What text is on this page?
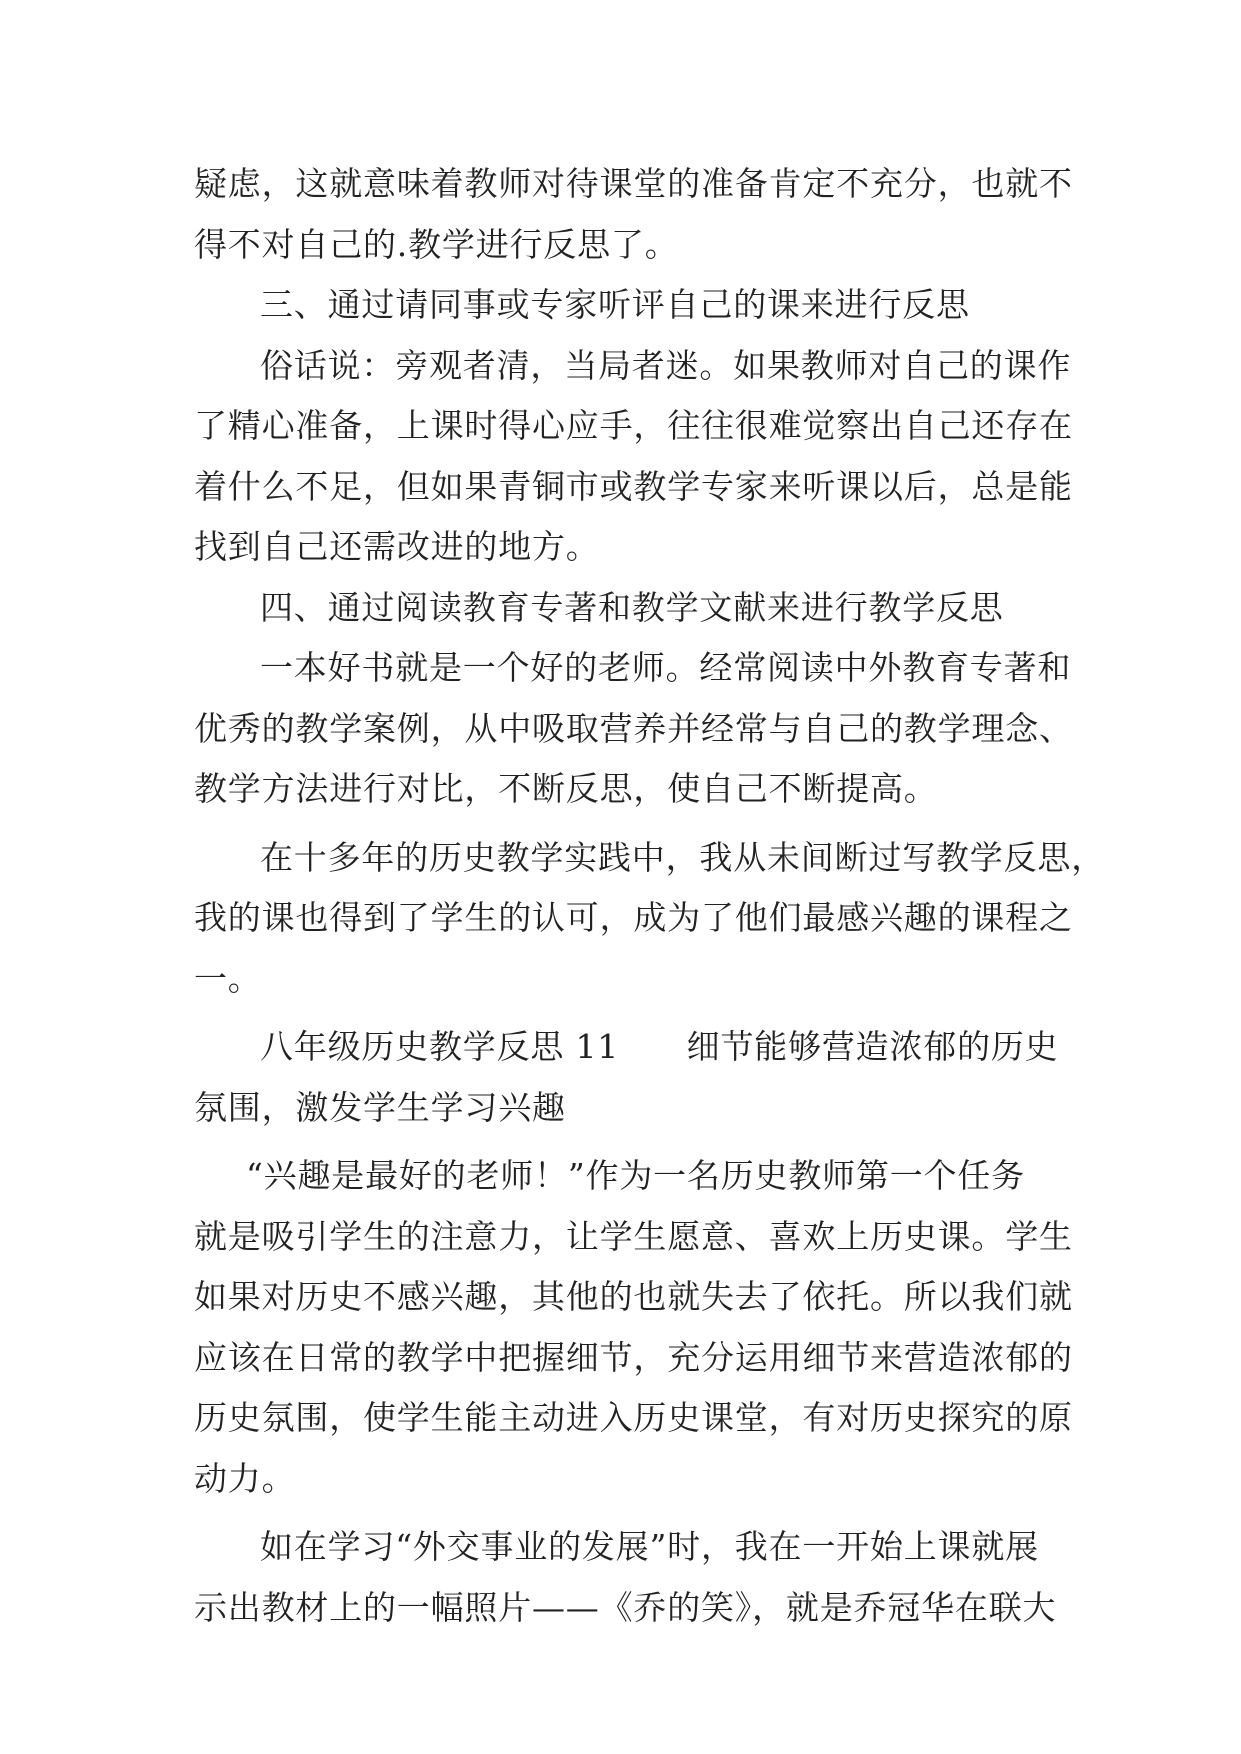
疑虑，这就意味着教师对待课堂的准备肯定不充分，也就不
得不对自己的.教学进行反思了。
三、通过请同事或专家听评自己的课来进行反思
俗话说：旁观者清，当局者迷。如果教师对自己的课作
了精心准备，上课时得心应手，往往很难觉察出自己还存在
着什么不足，但如果青铜市或教学专家来听课以后，总是能
找到自己还需改进的地方。
四、通过阅读教育专著和教学文献来进行教学反思
一本好书就是一个好的老师。经常阅读中外教育专著和
优秀的教学案例，从中吸取营养并经常与自己的教学理念、
教学方法进行对比，不断反思，使自己不断提高。
在十多年的历史教学实践中，我从未间断过写教学反思，
我的课也得到了学生的认可，成为了他们最感兴趣的课程之
一。
八年级历史教学反思 11　　细节能够营造浓郁的历史
氛围，激发学生学习兴趣
“兴趣是最好的老师！”作为一名历史教师第一个任务
就是吸引学生的注意力，让学生愿意、喜欢上历史课。学生
如果对历史不感兴趣，其他的也就失去了依托。所以我们就
应该在日常的教学中把握细节，充分运用细节来营造浓郁的
历史氛围，使学生能主动进入历史课堂，有对历史探究的原
动力。
如在学习“外交事业的发展”时，我在一开始上课就展
示出教材上的一幅照片——《乔的笑》，就是乔冠华在联大
